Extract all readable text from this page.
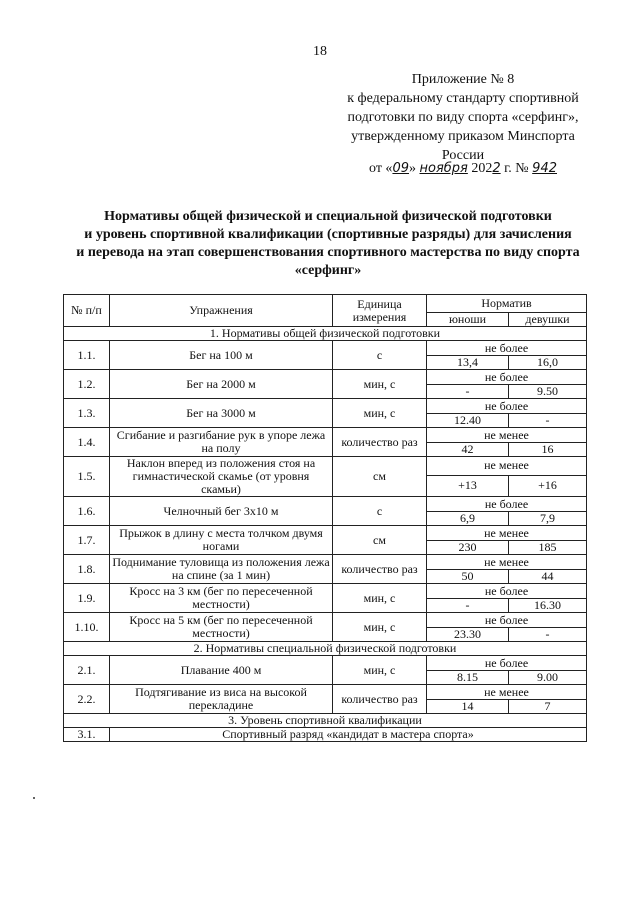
18
Приложение № 8
к федеральному стандарту спортивной
подготовки по виду спорта «серфинг»,
утвержденному приказом Минспорта
России
от «09» ноября 2022 г. № 942
Нормативы общей физической и специальной физической подготовки
и уровень спортивной квалификации (спортивные разряды) для зачисления
и перевода на этап совершенствования спортивного мастерства по виду спорта
«серфинг»
№ п/п	Упражнения	Единица измерения	Норматив	
			юноши	девушки
1. Нормативы общей физической подготовки				
1.1.	Бег на 100 м	с	не более	
			13,4	16,0
1.2.	Бег на 2000 м	мин, с	не более	
			-	9.50
1.3.	Бег на 3000 м	мин, с	не более	
			12.40	-
1.4.	Сгибание и разгибание рук в упоре лежа на полу	количество раз	не менее	
			42	16
1.5.	Наклон вперед из положения стоя на гимнастической скамье (от уровня скамьи)	см	не менее	
			+13	+16
1.6.	Челночный бег 3х10 м	с	не более	
			6,9	7,9
1.7.	Прыжок в длину с места толчком двумя ногами	см	не менее	
			230	185
1.8.	Поднимание туловища из положения лежа на спине (за 1 мин)	количество раз	не менее	
			50	44
1.9.	Кросс на 3 км (бег по пересеченной местности)	мин, с	не более	
			-	16.30
1.10.	Кросс на 5 км (бег по пересеченной местности)	мин, с	не более	
			23.30	-
2. Нормативы специальной физической подготовки				
2.1.	Плавание 400 м	мин, с	не более	
			8.15	9.00
2.2.	Подтягивание из виса на высокой перекладине	количество раз	не менее	
			14	7
3. Уровень спортивной квалификации				
3.1.	Спортивный разряд «кандидат в мастера спорта»			
